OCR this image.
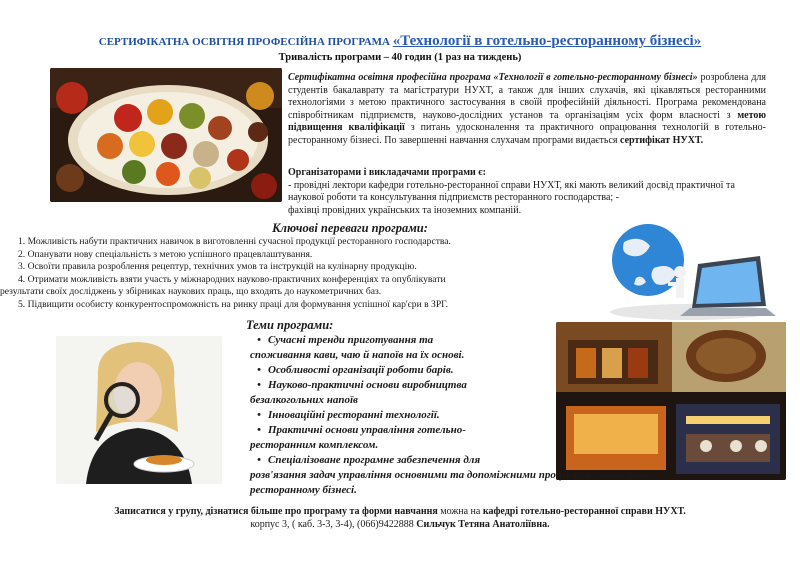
СЕРТИФІКАТНА ОСВІТНЯ ПРОФЕСІЙНА ПРОГРАМА «Технології в готельно-ресторанному бізнесі»
Тривалість програми – 40 годин (1 раз на тиждень)
Сертифікатна освітня професійна програма «Технології в готельно-ресторанному бізнесі» розроблена для студентів бакалаврату та магістратури НУХТ, а також для інших слухачів, які цікавляться ресторанними технологіями з метою практичного застосування в своїй професійній діяльності. Програма рекомендована співробітникам підприємств, науково-дослідних установ та організаціям усіх форм власності з метою підвищення кваліфікації з питань удосконалення та практичного опрацювання технологій в готельно-ресторанному бізнесі. По завершенні навчання слухачам програми видається сертифікат НУХТ.
Організаторами і викладачами програми є:
- провідні лектори кафедри готельно-ресторанної справи НУХТ, які мають великий досвід практичної та наукової роботи та консультування підприємств ресторанного господарства; -
фахівці провідних українських та іноземних компаній.
Ключові переваги програми:
1. Можливість набути практичних навичок в виготовленні сучасної продукції ресторанного господарства.
2. Опанувати нову спеціальність з метою успішного працевлаштування.
3. Освоїти правила розроблення рецептур, технічних умов та інструкцій на кулінарну продукцію.
4. Отримати можливість взяти участь у міжнародних науково-практичних конференціях та опублікувати
результати своїх досліджень у збірниках наукових праць, що входять до наукометричних баз.
5. Підвищити особисту конкурентоспроможність на ринку праці для формування успішної кар'єри в ЗРГ.
Теми програми:
• Сучасні тренди приготування та
споживання кави, чаю й напоїв на їх основі.
• Особливості організації роботи барів.
• Науково-практичні основи виробництва
безалкогольних напоїв
• Інноваційні ресторанні технології.
• Практичні основи управління готельно-
ресторанним комплексом.
• Спеціалізоване програмне забезпечення для
розв'язання задач управління основними та допоміжними процесами в готельно-
ресторанному бізнесі.
Записатися у групу, дізнатися більше про програму та форми навчання можна на кафедрі готельно-ресторанної справи НУХТ.
корпус 3, ( каб. 3-3, 3-4), (066)9422888 Сильчук Тетяна Анатоліївна.
